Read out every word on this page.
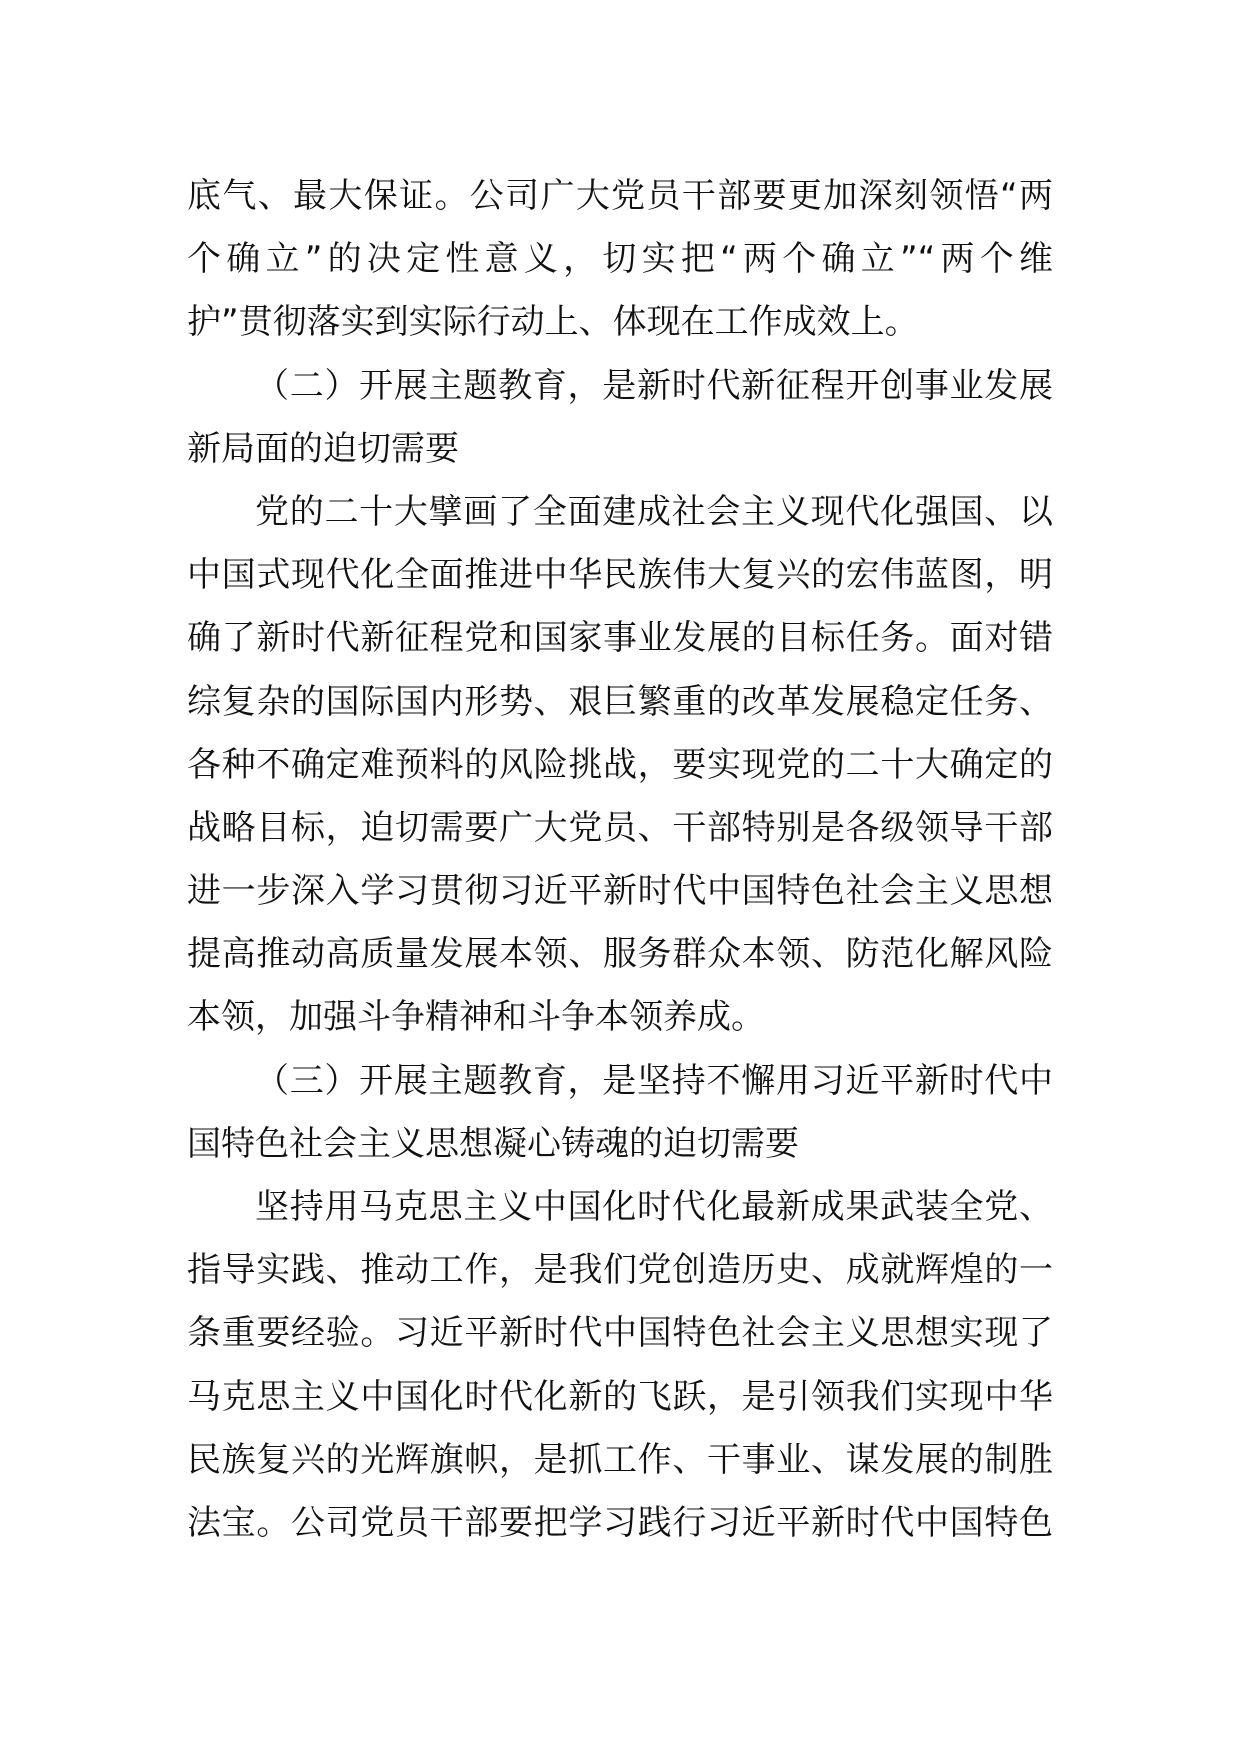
底气、最大保证。公司广大党员干部要更加深刻领悟“两
个确立”的决定性意义，切实把“两个确立”“两个维
护”贯彻落实到实际行动上、体现在工作成效上。
（二）开展主题教育，是新时代新征程开创事业发展
新局面的迫切需要
党的二十大擘画了全面建成社会主义现代化强国、以
中国式现代化全面推进中华民族伟大复兴的宏伟蓝图，明
确了新时代新征程党和国家事业发展的目标任务。面对错
综复杂的国际国内形势、艰巨繁重的改革发展稳定任务、
各种不确定难预料的风险挑战，要实现党的二十大确定的
战略目标，迫切需要广大党员、干部特别是各级领导干部
进一步深入学习贯彻习近平新时代中国特色社会主义思想
提高推动高质量发展本领、服务群众本领、防范化解风险
本领，加强斗争精神和斗争本领养成。
（三）开展主题教育，是坚持不懈用习近平新时代中
国特色社会主义思想凝心铸魂的迫切需要
坚持用马克思主义中国化时代化最新成果武装全党、
指导实践、推动工作，是我们党创造历史、成就辉煌的一
条重要经验。习近平新时代中国特色社会主义思想实现了
马克思主义中国化时代化新的飞跃，是引领我们实现中华
民族复兴的光辉旗帜，是抓工作、干事业、谋发展的制胜
法宝。公司党员干部要把学习践行习近平新时代中国特色
